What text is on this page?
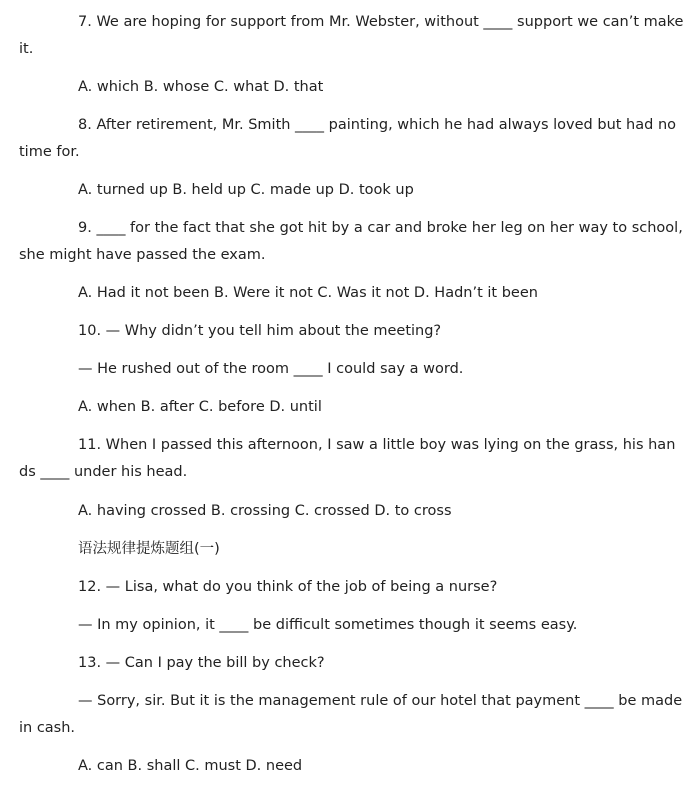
7. We are hoping for support from Mr. Webster, without ____ support we can’t make it.

A. which B. whose C. what D. that

8. After retirement, Mr. Smith ____ painting, which he had always loved but had no time for.

A. turned up B. held up C. made up D. took up

9. ____ for the fact that she got hit by a car and broke her leg on her way to school, she might have passed the exam.

A. Had it not been B. Were it not C. Was it not D. Hadn’t it been

10. — Why didn’t you tell him about the meeting?

— He rushed out of the room ____ I could say a word.

A. when B. after C. before D. until

11. When I passed this afternoon, I saw a little boy was lying on the grass, his hands ____ under his head.

A. having crossed B. crossing C. crossed D. to cross

语法规律提炼题组(一)

12. — Lisa, what do you think of the job of being a nurse?

— In my opinion, it ____ be difficult sometimes though it seems easy.

13. — Can I pay the bill by check?

— Sorry, sir. But it is the management rule of our hotel that payment ____ be made in cash.

A. can B. shall C. must D. need
